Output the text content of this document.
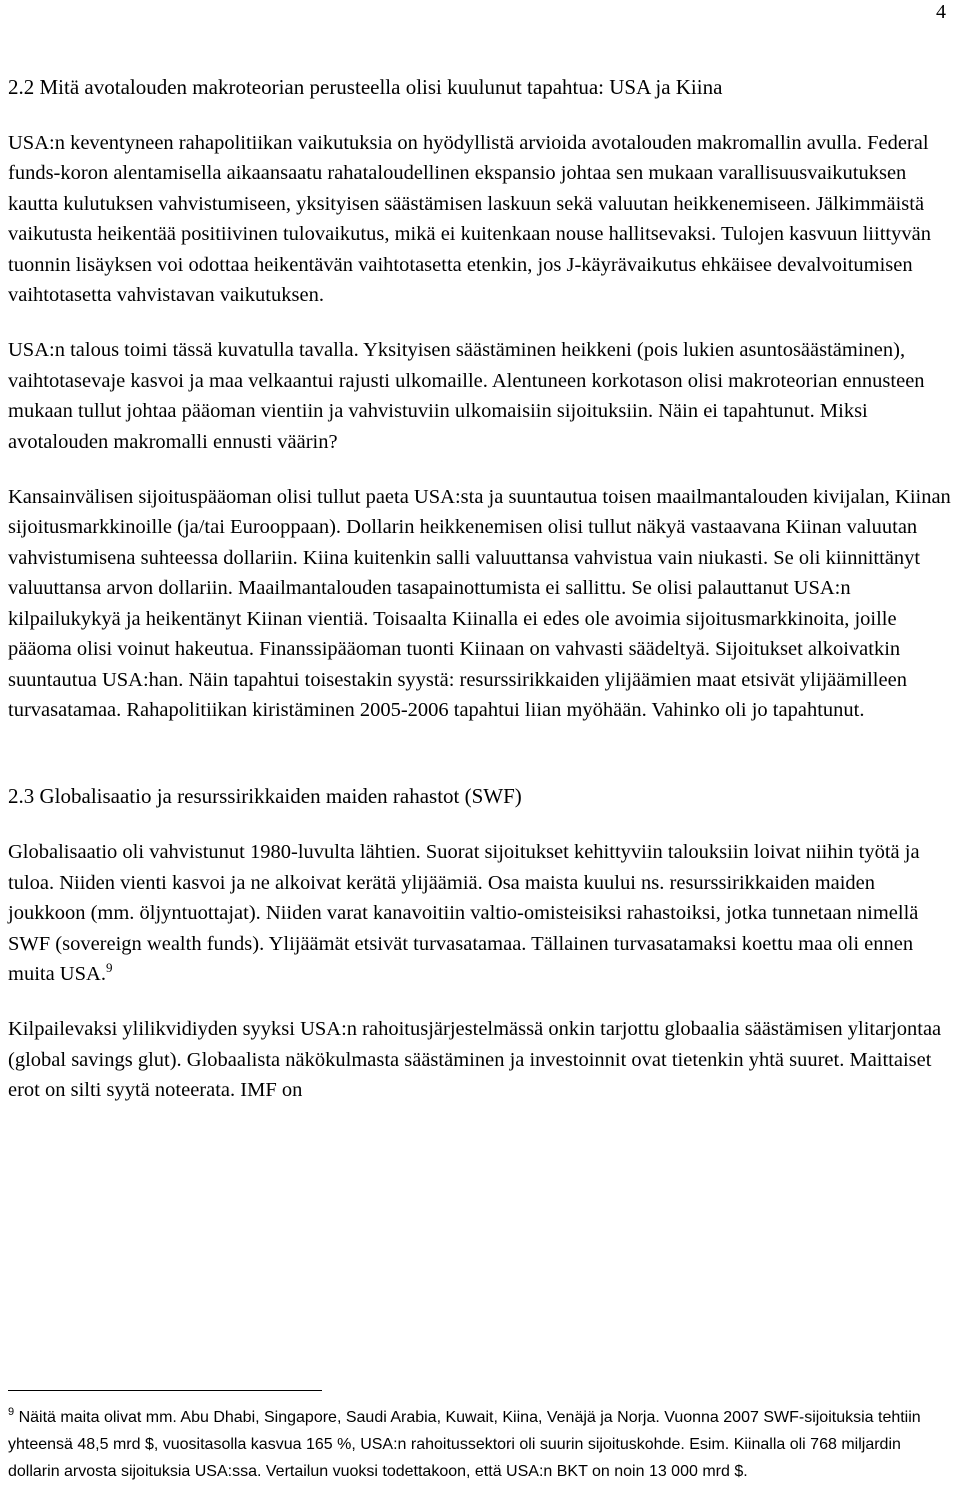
4
2.2 Mitä avotalouden makroteorian perusteella olisi kuulunut tapahtua: USA ja Kiina

USA:n keventyneen rahapolitiikan vaikutuksia on hyödyllistä arvioida avotalouden makromallin avulla. Federal funds-koron alentamisella aikaansaatu rahataloudellinen ekspansio johtaa sen mukaan varallisuusvaikutuksen kautta kulutuksen vahvistumiseen, yksityisen säästämisen laskuun sekä valuutan heikkenemiseen. Jälkimmäistä vaikutusta heikentää positiivinen tulovaikutus, mikä ei kuitenkaan nouse hallitsevaksi. Tulojen kasvuun liittyvän tuonnin lisäyksen voi odottaa heikentävän vaihtotasetta etenkin, jos J-käyrävaikutus ehkäisee devalvoitumisen vaihtotasetta vahvistavan vaikutuksen.

USA:n talous toimi tässä kuvatulla tavalla. Yksityisen säästäminen heikkeni (pois lukien asuntosäästäminen), vaihtotasevaje kasvoi ja maa velkaantui rajusti ulkomaille. Alentuneen korkotason olisi makroteorian ennusteen mukaan tullut johtaa pääoman vientiin ja vahvistuviin ulkomaisiin sijoituksiin. Näin ei tapahtunut. Miksi avotalouden makromalli ennusti väärin?

Kansainvälisen sijoituspääoman olisi tullut paeta USA:sta ja suuntautua toisen maailmantalouden kivijalan, Kiinan sijoitusmarkkinoille (ja/tai Eurooppaan). Dollarin heikkenemisen olisi tullut näkyä vastaavana Kiinan valuutan vahvistumisena suhteessa dollariin. Kiina kuitenkin salli valuuttansa vahvistua vain niukasti. Se oli kiinnittänyt valuuttansa arvon dollariin. Maailmantalouden tasapainottumista ei sallittu. Se olisi palauttanut USA:n kilpailukykyä ja heikentänyt Kiinan vientiä. Toisaalta Kiinalla ei edes ole avoimia sijoitusmarkkinoita, joille pääoma olisi voinut hakeutua. Finanssipääoman tuonti Kiinaan on vahvasti säädeltyä. Sijoitukset alkoivatkin suuntautua USA:han. Näin tapahtui toisestakin syystä: resurssirikkaiden ylijäämien maat etsivät ylijäämilleen turvasatamaa. Rahapolitiikan kiristäminen 2005-2006 tapahtui liian myöhään. Vahinko oli jo tapahtunut.

2.3 Globalisaatio ja resurssirikkaiden maiden rahastot (SWF)

Globalisaatio oli vahvistunut 1980-luvulta lähtien. Suorat sijoitukset kehittyviin talouksiin loivat niihin työtä ja tuloa. Niiden vienti kasvoi ja ne alkoivat kerätä ylijäämiä. Osa maista kuului ns. resurssirikkaiden maiden joukkoon (mm. öljyntuottajat). Niiden varat kanavoitiin valtio-omisteisiksi rahastoiksi, jotka tunnetaan nimellä SWF (sovereign wealth funds). Ylijäämät etsivät turvasatamaa. Tällainen turvasatamaksi koettu maa oli ennen muita USA.$^9$

Kilpailevaksi ylilikvidiyden syyksi USA:n rahoitusjärjestelmässä onkin tarjottu globaalia säästämisen ylitarjontaa (global savings glut). Globaalista näkökulmasta säästäminen ja investoinnit ovat tietenkin yhtä suuret. Maittaiset erot on silti syytä noteerata. IMF on

$^9$ Näitä maita olivat mm. Abu Dhabi, Singapore, Saudi Arabia, Kuwait, Kiina, Venäjä ja Norja. Vuonna 2007 SWF-sijoituksia tehtiin yhteensä 48,5 mrd $, vuositasolla kasvua 165 %, USA:n rahoitussektori oli suurin sijoituskohde. Esim. Kiinalla oli 768 miljardin dollarin arvosta sijoituksia USA:ssa. Vertailun vuoksi todettakoon, että USA:n BKT on noin 13 000 mrd $.
